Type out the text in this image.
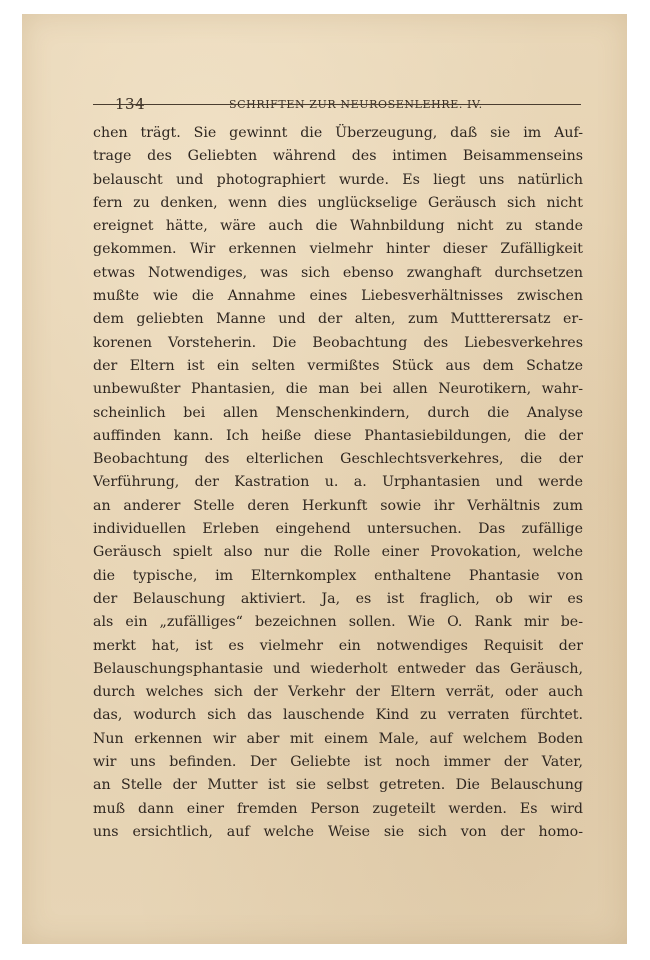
134	SCHRIFTEN ZUR NEUROSENLEHRE. IV.
chen trägt. Sie gewinnt die Überzeugung, daß sie im Auf-
trage des Geliebten während des intimen Beisammenseins
belauscht und photographiert wurde. Es liegt uns natürlich
fern zu denken, wenn dies unglückselige Geräusch sich nicht
ereignet hätte, wäre auch die Wahnbildung nicht zu stande
gekommen. Wir erkennen vielmehr hinter dieser Zufälligkeit
etwas Notwendiges, was sich ebenso zwanghaft durchsetzen
mußte wie die Annahme eines Liebesverhältnisses zwischen
dem geliebten Manne und der alten, zum Muttterersatz er-
korenen Vorsteherin. Die Beobachtung des Liebesverkehres
der Eltern ist ein selten vermißtes Stück aus dem Schatze
unbewußter Phantasien, die man bei allen Neurotikern, wahr-
scheinlich bei allen Menschenkindern, durch die Analyse
auffinden kann. Ich heiße diese Phantasiebildungen, die der
Beobachtung des elterlichen Geschlechtsverkehres, die der
Verführung, der Kastration u. a. Urphantasien und werde
an anderer Stelle deren Herkunft sowie ihr Verhältnis zum
individuellen Erleben eingehend untersuchen. Das zufällige
Geräusch spielt also nur die Rolle einer Provokation, welche
die typische, im Elternkomplex enthaltene Phantasie von
der Belauschung aktiviert. Ja, es ist fraglich, ob wir es
als ein „zufälliges“ bezeichnen sollen. Wie O. Rank mir be-
merkt hat, ist es vielmehr ein notwendiges Requisit der
Belauschungsphantasie und wiederholt entweder das Geräusch,
durch welches sich der Verkehr der Eltern verrät, oder auch
das, wodurch sich das lauschende Kind zu verraten fürchtet.
Nun erkennen wir aber mit einem Male, auf welchem Boden
wir uns befinden. Der Geliebte ist noch immer der Vater,
an Stelle der Mutter ist sie selbst getreten. Die Belauschung
muß dann einer fremden Person zugeteilt werden. Es wird
uns ersichtlich, auf welche Weise sie sich von der homo-
